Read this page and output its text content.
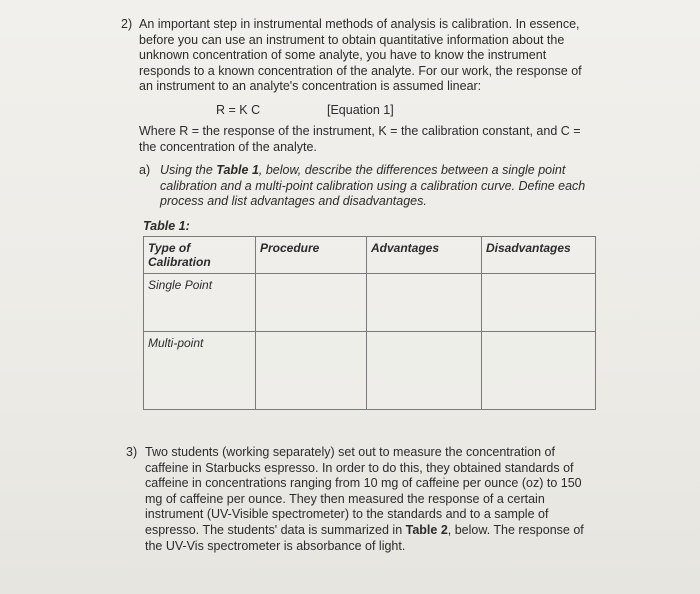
2) An important step in instrumental methods of analysis is calibration. In essence,
before you can use an instrument to obtain quantitative information about the
unknown concentration of some analyte, you have to know the instrument
responds to a known concentration of the analyte. For our work, the response of
an instrument to an analyte's concentration is assumed linear:
R = K C	[Equation 1]
Where R = the response of the instrument, K = the calibration constant, and C =
the concentration of the analyte.
a) Using the Table 1, below, describe the differences between a single point
calibration and a multi-point calibration using a calibration curve. Define each
process and list advantages and disadvantages.
Table 1:
Type of Calibration	Procedure	Advantages	Disadvantages
Single Point			
Multi-point			
3) Two students (working separately) set out to measure the concentration of
caffeine in Starbucks espresso. In order to do this, they obtained standards of
caffeine in concentrations ranging from 10 mg of caffeine per ounce (oz) to 150
mg of caffeine per ounce. They then measured the response of a certain
instrument (UV-Visible spectrometer) to the standards and to a sample of
espresso. The students' data is summarized in Table 2, below. The response of
the UV-Vis spectrometer is absorbance of light.
